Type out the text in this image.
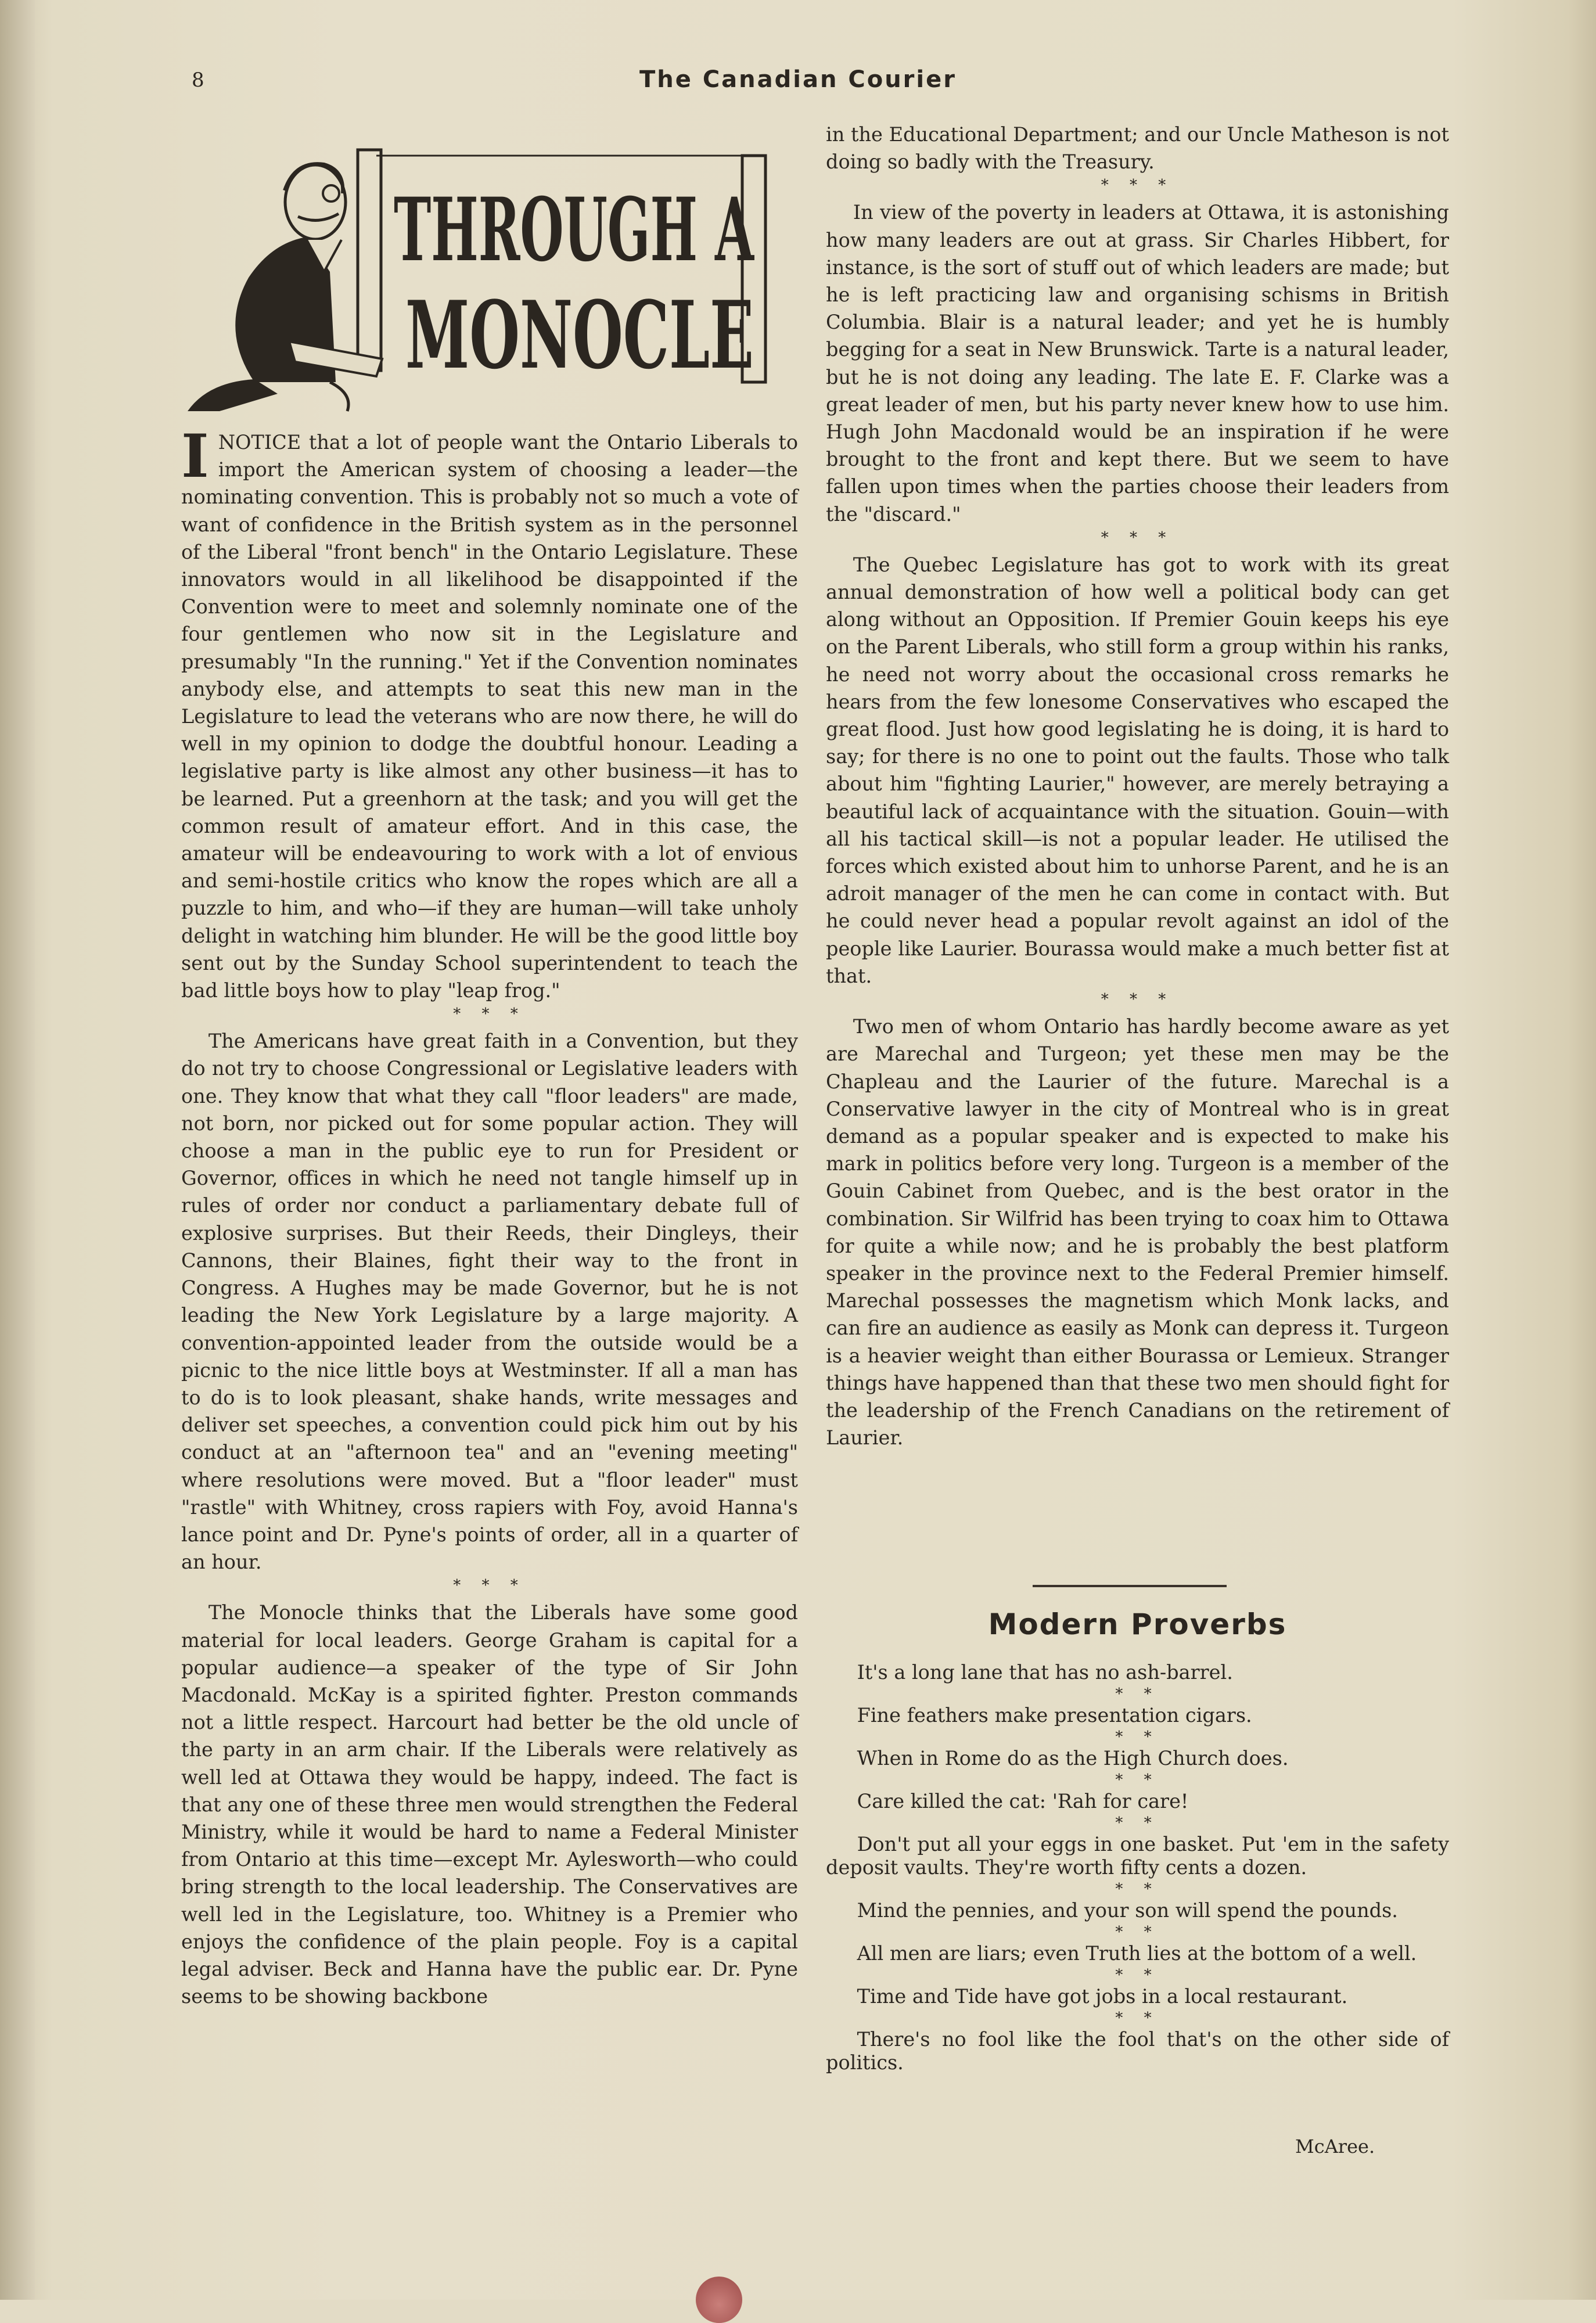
8	The Canadian Courier
THROUGH A
MONOCLE

INOTICE that a lot of people want the Ontario Liberals to import the American system of choosing a leader—the nominating convention. This is probably not so much a vote of want of confidence in the British system as in the personnel of the Liberal "front bench" in the Ontario Legislature. These innovators would in all likelihood be disappointed if the Convention were to meet and solemnly nominate one of the four gentlemen who now sit in the Legislature and presumably "In the running." Yet if the Convention nominates anybody else, and attempts to seat this new man in the Legislature to lead the veterans who are now there, he will do well in my opinion to dodge the doubtful honour. Leading a legislative party is like almost any other business—it has to be learned. Put a greenhorn at the task; and you will get the common result of amateur effort. And in this case, the amateur will be endeavouring to work with a lot of envious and semi-hostile critics who know the ropes which are all a puzzle to him, and who—if they are human—will take unholy delight in watching him blunder. He will be the good little boy sent out by the Sunday School superintendent to teach the bad little boys how to play "leap frog."

* * *

The Americans have great faith in a Convention, but they do not try to choose Congressional or Legislative leaders with one. They know that what they call "floor leaders" are made, not born, nor picked out for some popular action. They will choose a man in the public eye to run for President or Governor, offices in which he need not tangle himself up in rules of order nor conduct a parliamentary debate full of explosive surprises. But their Reeds, their Dingleys, their Cannons, their Blaines, fight their way to the front in Congress. A Hughes may be made Governor, but he is not leading the New York Legislature by a large majority. A convention-appointed leader from the outside would be a picnic to the nice little boys at Westminster. If all a man has to do is to look pleasant, shake hands, write messages and deliver set speeches, a convention could pick him out by his conduct at an "afternoon tea" and an "evening meeting" where resolutions were moved. But a "floor leader" must "rastle" with Whitney, cross rapiers with Foy, avoid Hanna's lance point and Dr. Pyne's points of order, all in a quarter of an hour.

* * *

The Monocle thinks that the Liberals have some good material for local leaders. George Graham is capital for a popular audience—a speaker of the type of Sir John Macdonald. McKay is a spirited fighter. Preston commands not a little respect. Harcourt had better be the old uncle of the party in an arm chair. If the Liberals were relatively as well led at Ottawa they would be happy, indeed. The fact is that any one of these three men would strengthen the Federal Ministry, while it would be hard to name a Federal Minister from Ontario at this time—except Mr. Aylesworth—who could bring strength to the local leadership. The Conservatives are well led in the Legislature, too. Whitney is a Premier who enjoys the confidence of the plain people. Foy is a capital legal adviser. Beck and Hanna have the public ear. Dr. Pyne seems to be showing backbone

in the Educational Department; and our Uncle Matheson is not doing so badly with the Treasury.

* * *

In view of the poverty in leaders at Ottawa, it is astonishing how many leaders are out at grass. Sir Charles Hibbert, for instance, is the sort of stuff out of which leaders are made; but he is left practicing law and organising schisms in British Columbia. Blair is a natural leader; and yet he is humbly begging for a seat in New Brunswick. Tarte is a natural leader, but he is not doing any leading. The late E. F. Clarke was a great leader of men, but his party never knew how to use him. Hugh John Macdonald would be an inspiration if he were brought to the front and kept there. But we seem to have fallen upon times when the parties choose their leaders from the "discard."

* * *

The Quebec Legislature has got to work with its great annual demonstration of how well a political body can get along without an Opposition. If Premier Gouin keeps his eye on the Parent Liberals, who still form a group within his ranks, he need not worry about the occasional cross remarks he hears from the few lonesome Conservatives who escaped the great flood. Just how good legislating he is doing, it is hard to say; for there is no one to point out the faults. Those who talk about him "fighting Laurier," however, are merely betraying a beautiful lack of acquaintance with the situation. Gouin—with all his tactical skill—is not a popular leader. He utilised the forces which existed about him to unhorse Parent, and he is an adroit manager of the men he can come in contact with. But he could never head a popular revolt against an idol of the people like Laurier. Bourassa would make a much better fist at that.

* * *

Two men of whom Ontario has hardly become aware as yet are Marechal and Turgeon; yet these men may be the Chapleau and the Laurier of the future. Marechal is a Conservative lawyer in the city of Montreal who is in great demand as a popular speaker and is expected to make his mark in politics before very long. Turgeon is a member of the Gouin Cabinet from Quebec, and is the best orator in the combination. Sir Wilfrid has been trying to coax him to Ottawa for quite a while now; and he is probably the best platform speaker in the province next to the Federal Premier himself. Marechal possesses the magnetism which Monk lacks, and can fire an audience as easily as Monk can depress it. Turgeon is a heavier weight than either Bourassa or Lemieux. Stranger things have happened than that these two men should fight for the leadership of the French Canadians on the retirement of Laurier.

Modern Proverbs

It's a long lane that has no ash-barrel.

* *

Fine feathers make presentation cigars.

* *

When in Rome do as the High Church does.

* *

Care killed the cat: 'Rah for care!

* *

Don't put all your eggs in one basket. Put 'em in the safety deposit vaults. They're worth fifty cents a dozen.

* *

Mind the pennies, and your son will spend the pounds.

* *

All men are liars; even Truth lies at the bottom of a well.

* *

Time and Tide have got jobs in a local restaurant.

* *

There's no fool like the fool that's on the other side of politics.

McAree.
